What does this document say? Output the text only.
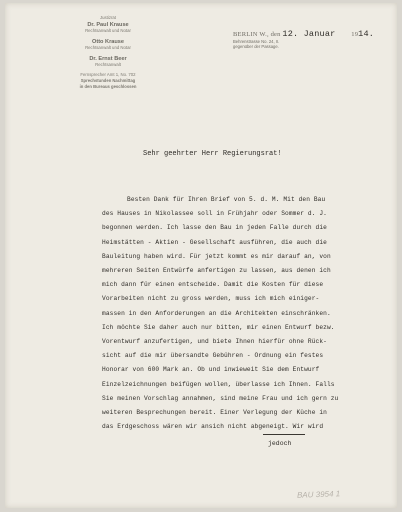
Justizrat
Dr. Paul Krause
Rechtsanwalt und Notar
Otto Krause
Rechtsanwalt und Notar
Dr. Ernst Beer
Rechtsanwalt
Fernsprecher Amt 1, No. 702
Sprechstunden Nachmittag
in den Bureaus geschlossen
BERLIN W., den 12. Januar 1914.
Behrenstrasse No. 24, II.
gegenüber der Passage.
Sehr geehrter Herr Regierungsrat!
Besten Dank für Ihren Brief von 5. d. M. Mit den Bau
des Hauses in Nikolassee soll in Frühjahr oder Sommer d. J.
begonnen werden. Ich lasse den Bau in jeden Falle durch die
Heimstätten - Aktien - Gesellschaft ausführen, die auch die
Bauleitung haben wird. Für jetzt kommt es mir darauf an, von
mehreren Seiten Entwürfe anfertigen zu lassen, aus denen ich
mich dann für einen entscheide. Damit die Kosten für diese
Vorarbeiten nicht zu gross werden, muss ich mich einiger-
massen in den Anforderungen an die Architekten einschränken.
Ich möchte Sie daher auch nur bitten, mir einen Entwurf bezw.
Vorentwurf anzufertigen, und biete Ihnen hierfür ohne Rück-
sicht auf die mir übersandte Gebühren - Ordnung ein festes
Honorar von 600 Mark an. Ob und inwieweit Sie dem Entwurf
Einzelzeichnungen beifügen wollen, überlasse ich Ihnen. Falls
Sie meinen Vorschlag annahmen, sind meine Frau und ich gern zu
weiteren Besprechungen bereit. Einer Verlegung der Küche in
das Erdgeschoss wären wir ansich nicht abgeneigt. Wir wird
jedoch
BAU 3954 1
